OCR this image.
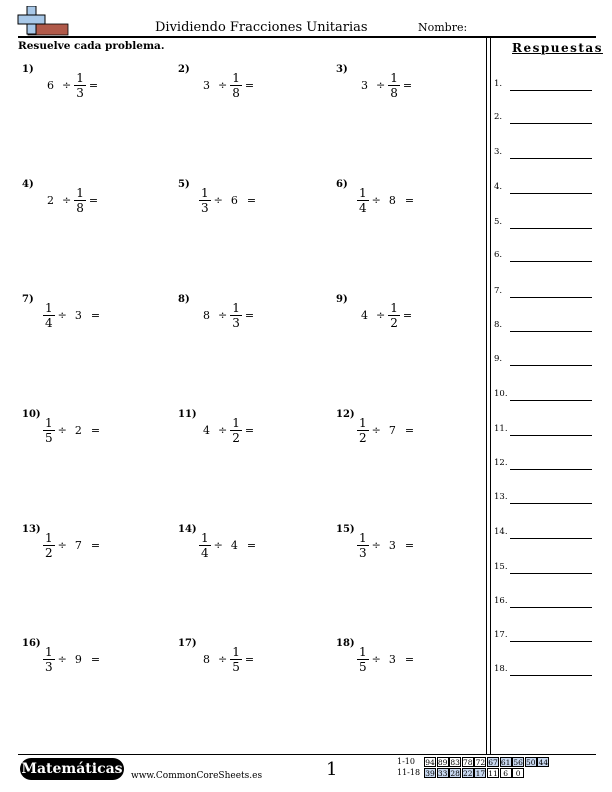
Dividiendo Fracciones Unitarias	Nombre:
Resuelve cada problema.	Respuestas
1.
2.
3.
4.
5.
6.
7.
8.
9.
10.
11.
12.
13.
14.
15.
16.
17.
18.
1)
$6 \div \frac{1}{3}$ =
2)
$3 \div \frac{1}{8}$ =
3)
$3 \div \frac{1}{8}$ =
4)
$2 \div \frac{1}{8}$ =
5)
$\frac{1}{3} \div 6$ =
6)
$\frac{1}{4} \div 8$ =
7)
$\frac{1}{4} \div 3$ =
8)
$8 \div \frac{1}{3}$ =
9)
$4 \div \frac{1}{2}$ =
10)
$\frac{1}{5} \div 2$ =
11)
$4 \div \frac{1}{2}$ =
12)
$\frac{1}{2} \div 7$ =
13)
$\frac{1}{2} \div 7$ =
14)
$\frac{1}{4} \div 4$ =
15)
$\frac{1}{3} \div 3$ =
16)
$\frac{1}{3} \div 9$ =
17)
$8 \div \frac{1}{5}$ =
18)
$\frac{1}{5} \div 3$ =
Matemáticas www.CommonCoreSheets.es	1	1-10 94 89 83 78 72 67 61 56 50 44
11-18 39 33 28 22 17 11 6	0
